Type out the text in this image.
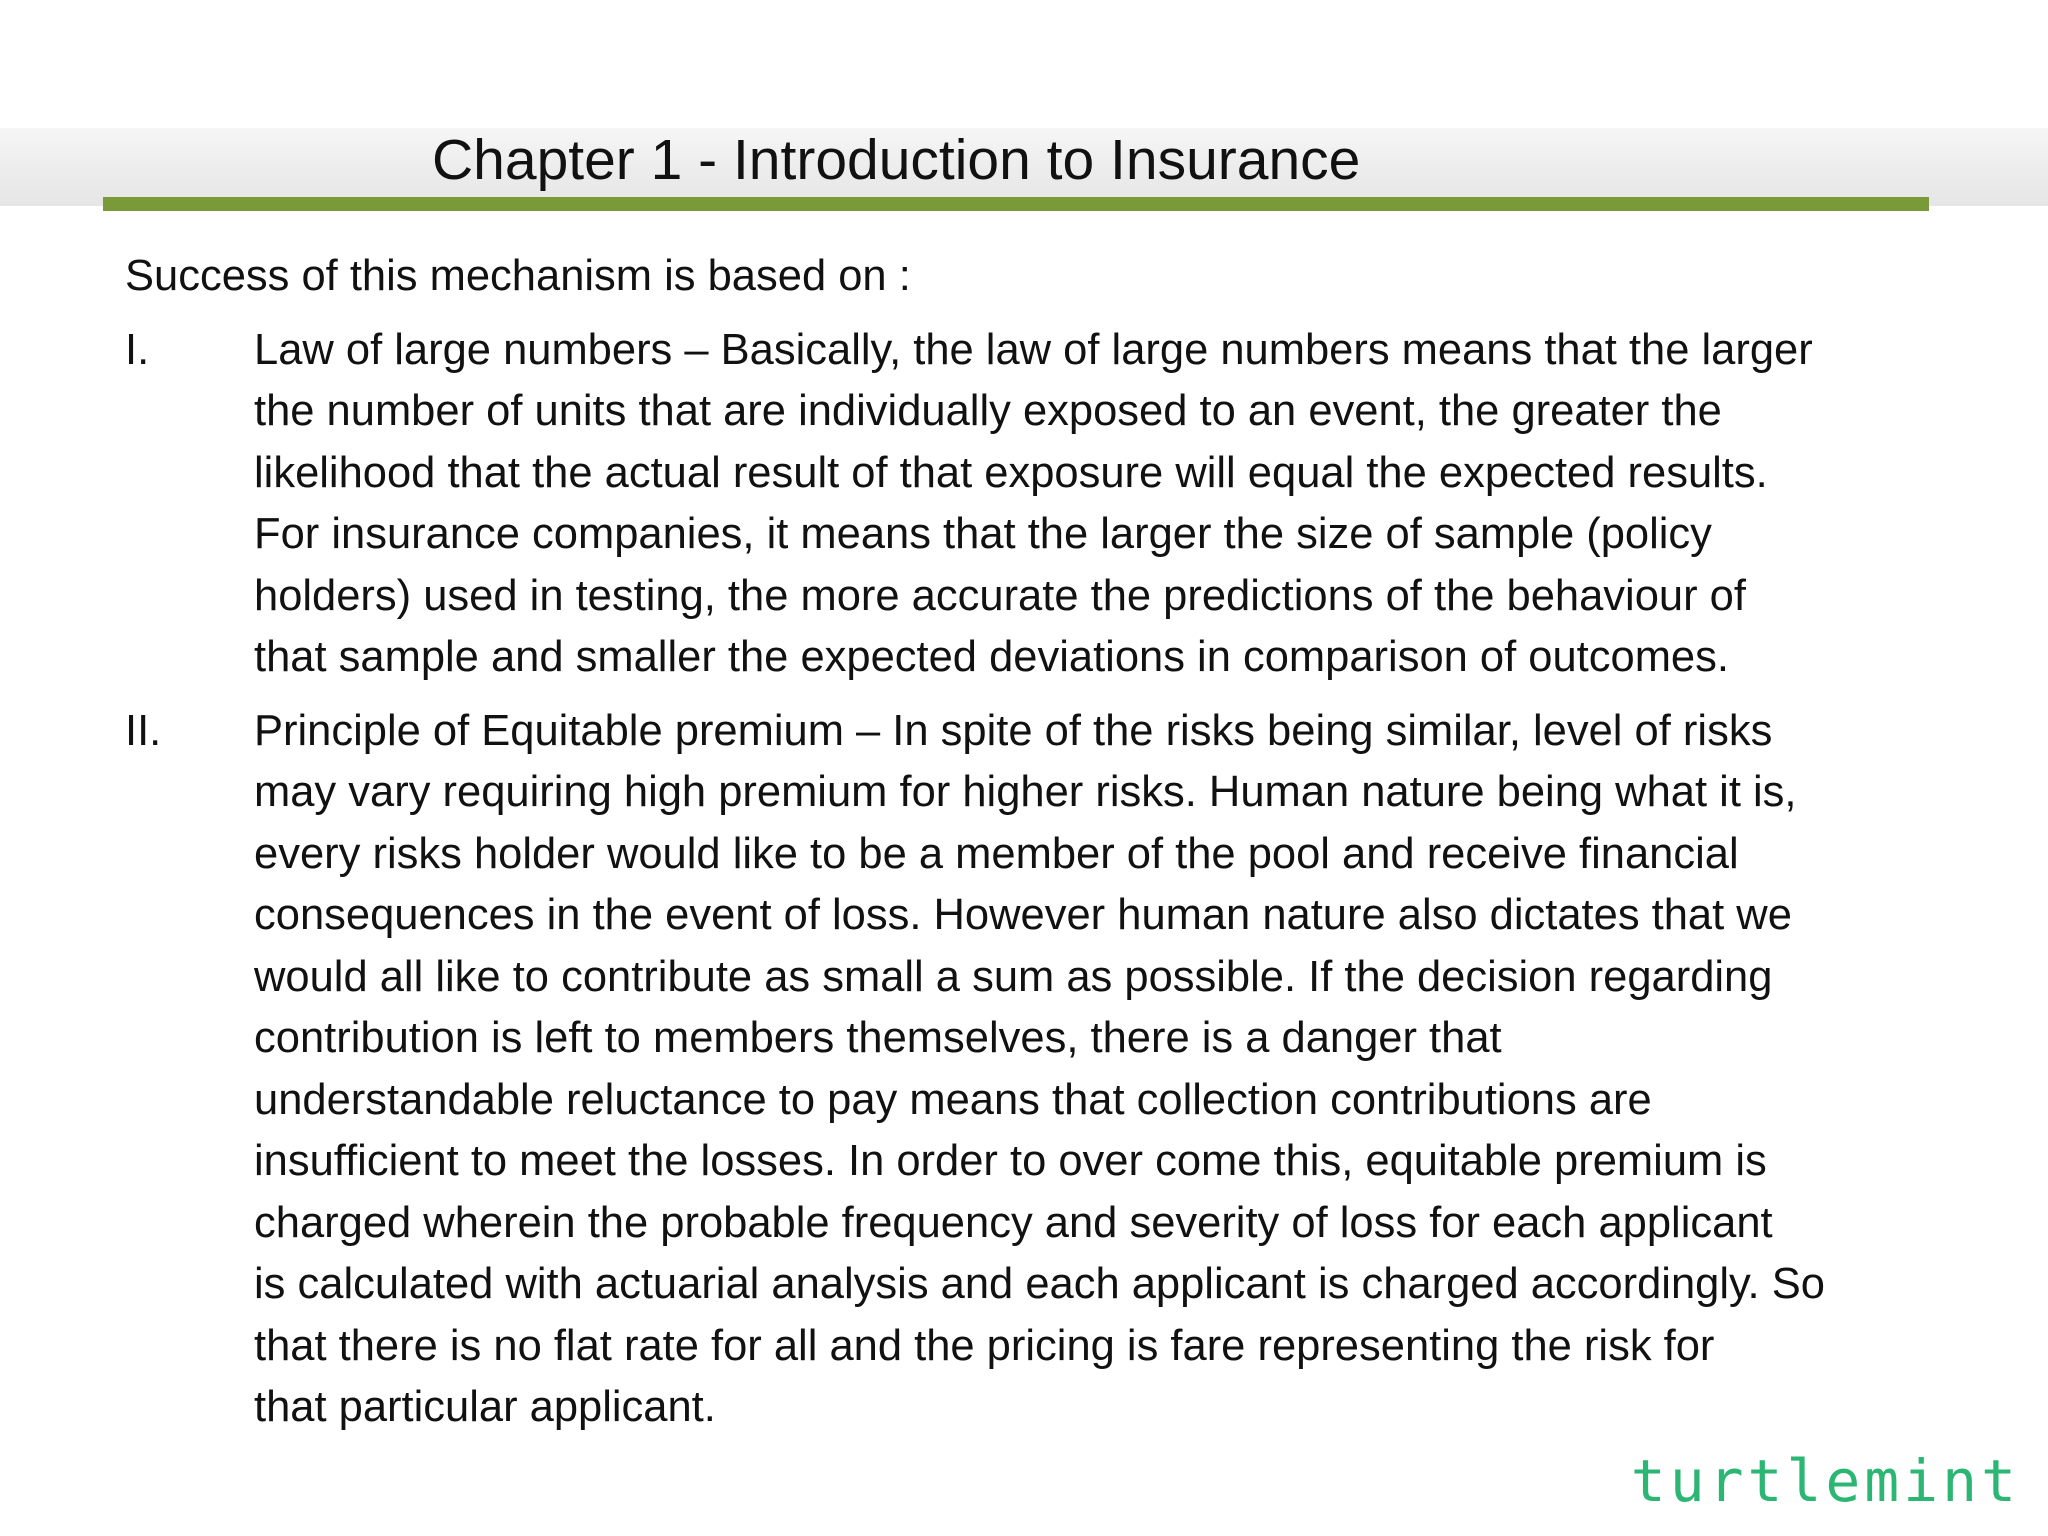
Chapter 1 - Introduction to Insurance
Success of this mechanism is based on :
I.	Law of large numbers – Basically, the law of large numbers means that the larger
the number of units that are individually exposed to an event, the greater the
likelihood that the actual result of that exposure will equal the expected results.
For insurance companies, it means that the larger the size of sample (policy
holders) used in testing, the more accurate the predictions of the behaviour of
that sample and smaller the expected deviations in comparison of outcomes.
II.	Principle of Equitable premium – In spite of the risks being similar, level of risks
may vary requiring high premium for higher risks. Human nature being what it is,
every risks holder would like to be a member of the pool and receive financial
consequences in the event of loss. However human nature also dictates that we
would all like to contribute as small a sum as possible. If the decision regarding
contribution is left to members themselves, there is a danger that
understandable reluctance to pay means that collection contributions are
insufficient to meet the losses. In order to over come this, equitable premium is
charged wherein the probable frequency and severity of loss for each applicant
is calculated with actuarial analysis and each applicant is charged accordingly. So
that there is no flat rate for all and the pricing is fare representing the risk for
that particular applicant.
turtlemint
